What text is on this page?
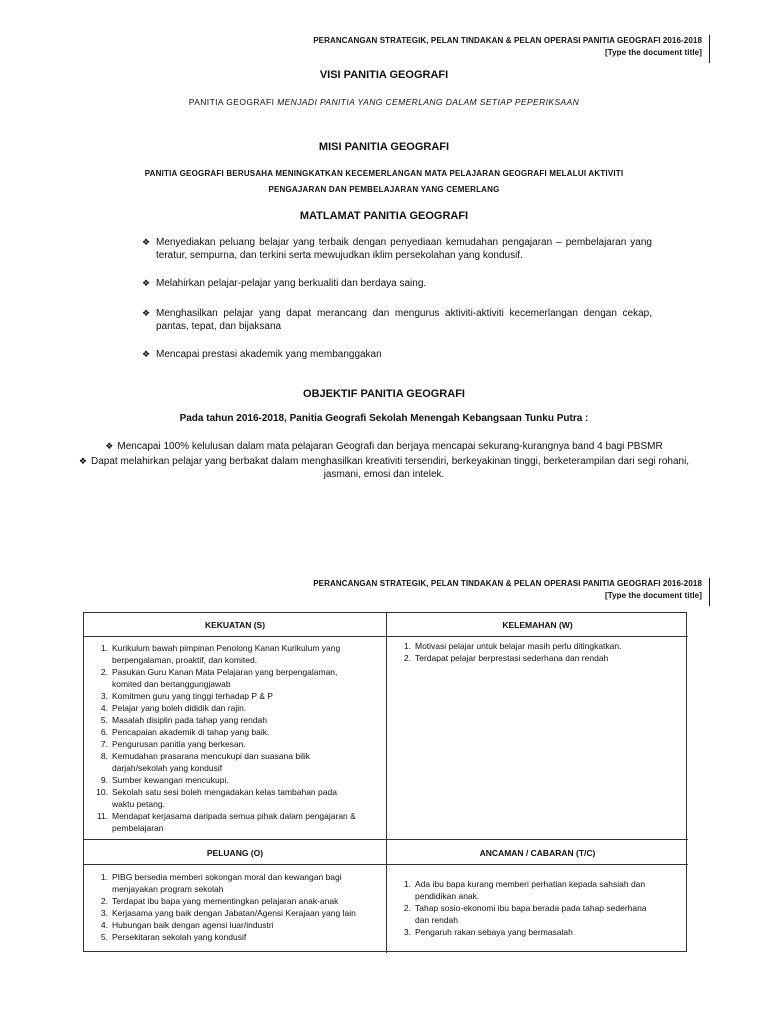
PERANCANGAN STRATEGIK, PELAN TINDAKAN & PELAN OPERASI PANITIA GEOGRAFI 2016-2018
[Type the document title]
VISI PANITIA GEOGRAFI
PANITIA GEOGRAFI MENJADI PANITIA YANG CEMERLANG DALAM SETIAP PEPERIKSAAN
MISI PANITIA GEOGRAFI
PANITIA GEOGRAFI BERUSAHA MENINGKATKAN KECEMERLANGAN MATA PELAJARAN GEOGRAFI MELALUI AKTIVITI
PENGAJARAN DAN PEMBELAJARAN YANG CEMERLANG
MATLAMAT PANITIA GEOGRAFI
❖ Menyediakan peluang belajar yang terbaik dengan penyediaan kemudahan pengajaran – pembelajaran yang teratur, sempurna, dan terkini serta mewujudkan iklim persekolahan yang kondusif.
❖ Melahirkan pelajar-pelajar yang berkualiti dan berdaya saing.
❖ Menghasilkan pelajar yang dapat merancang dan mengurus aktiviti-aktiviti kecemerlangan dengan cekap, pantas, tepat, dan bijaksana
❖ Mencapai prestasi akademik yang membanggakan
OBJEKTIF PANITIA GEOGRAFI
Pada tahun 2016-2018, Panitia Geografi Sekolah Menengah Kebangsaan Tunku Putra :
❖ Mencapai 100% kelulusan dalam mata pelajaran Geografi dan berjaya mencapai sekurang-kurangnya band 4 bagi PBSMR
❖ Dapat melahirkan pelajar yang berbakat dalam menghasilkan kreativiti tersendiri, berkeyakinan tinggi, berketerampilan dari segi rohani,
jasmani, emosi dan intelek.
PERANCANGAN STRATEGIK, PELAN TINDAKAN & PELAN OPERASI PANITIA GEOGRAFI 2016-2018
[Type the document title]
KEKUATAN (S)	KELEMAHAN (W)
PELUANG (O)	ANCAMAN / CABARAN (T/C)
1. Kurikulum bawah pimpinan Penolong Kanan Kurikulum yang
berpengalaman, proaktif, dan komited.
2. Pasukan Guru Kanan Mata Pelajaran yang berpengalaman,
komited dan bertanggungjawab
3. Komitmen guru yang tinggi terhadap P & P
4. Pelajar yang boleh dididik dan rajin.
5. Masalah disiplin pada tahap yang rendah
6. Pencapaian akademik di tahap yang baik.
7. Pengurusan panitia yang berkesan.
8. Kemudahan prasarana mencukupi dan suasana bilik
darjah/sekolah yang kondusif
9. Sumber kewangan mencukupi.
10. Sekolah satu sesi boleh mengadakan kelas tambahan pada
waktu petang.
11. Mendapat kerjasama daripada semua pihak dalam pengajaran &
pembelajaran
1. Motivasi pelajar untuk belajar masih perlu ditingkatkan.
2. Terdapat pelajar berprestasi sederhana dan rendah
1. PIBG bersedia memberi sokongan moral dan kewangan bagi
menjayakan program sekolah
2. Terdapat ibu bapa yang mementingkan pelajaran anak-anak
3. Kerjasama yang baik dengan Jabatan/Agensi Kerajaan yang lain
4. Hubungan baik dengan agensi luar/industri
5. Persekitaran sekolah yang kondusif
1. Ada ibu bapa kurang memberi perhatian kepada sahsiah dan
pendidikan anak.
2. Tahap sosio-ekonomi ibu bapa berada pada tahap sederhana
dan rendah
3. Pengaruh rakan sebaya yang bermasalah
